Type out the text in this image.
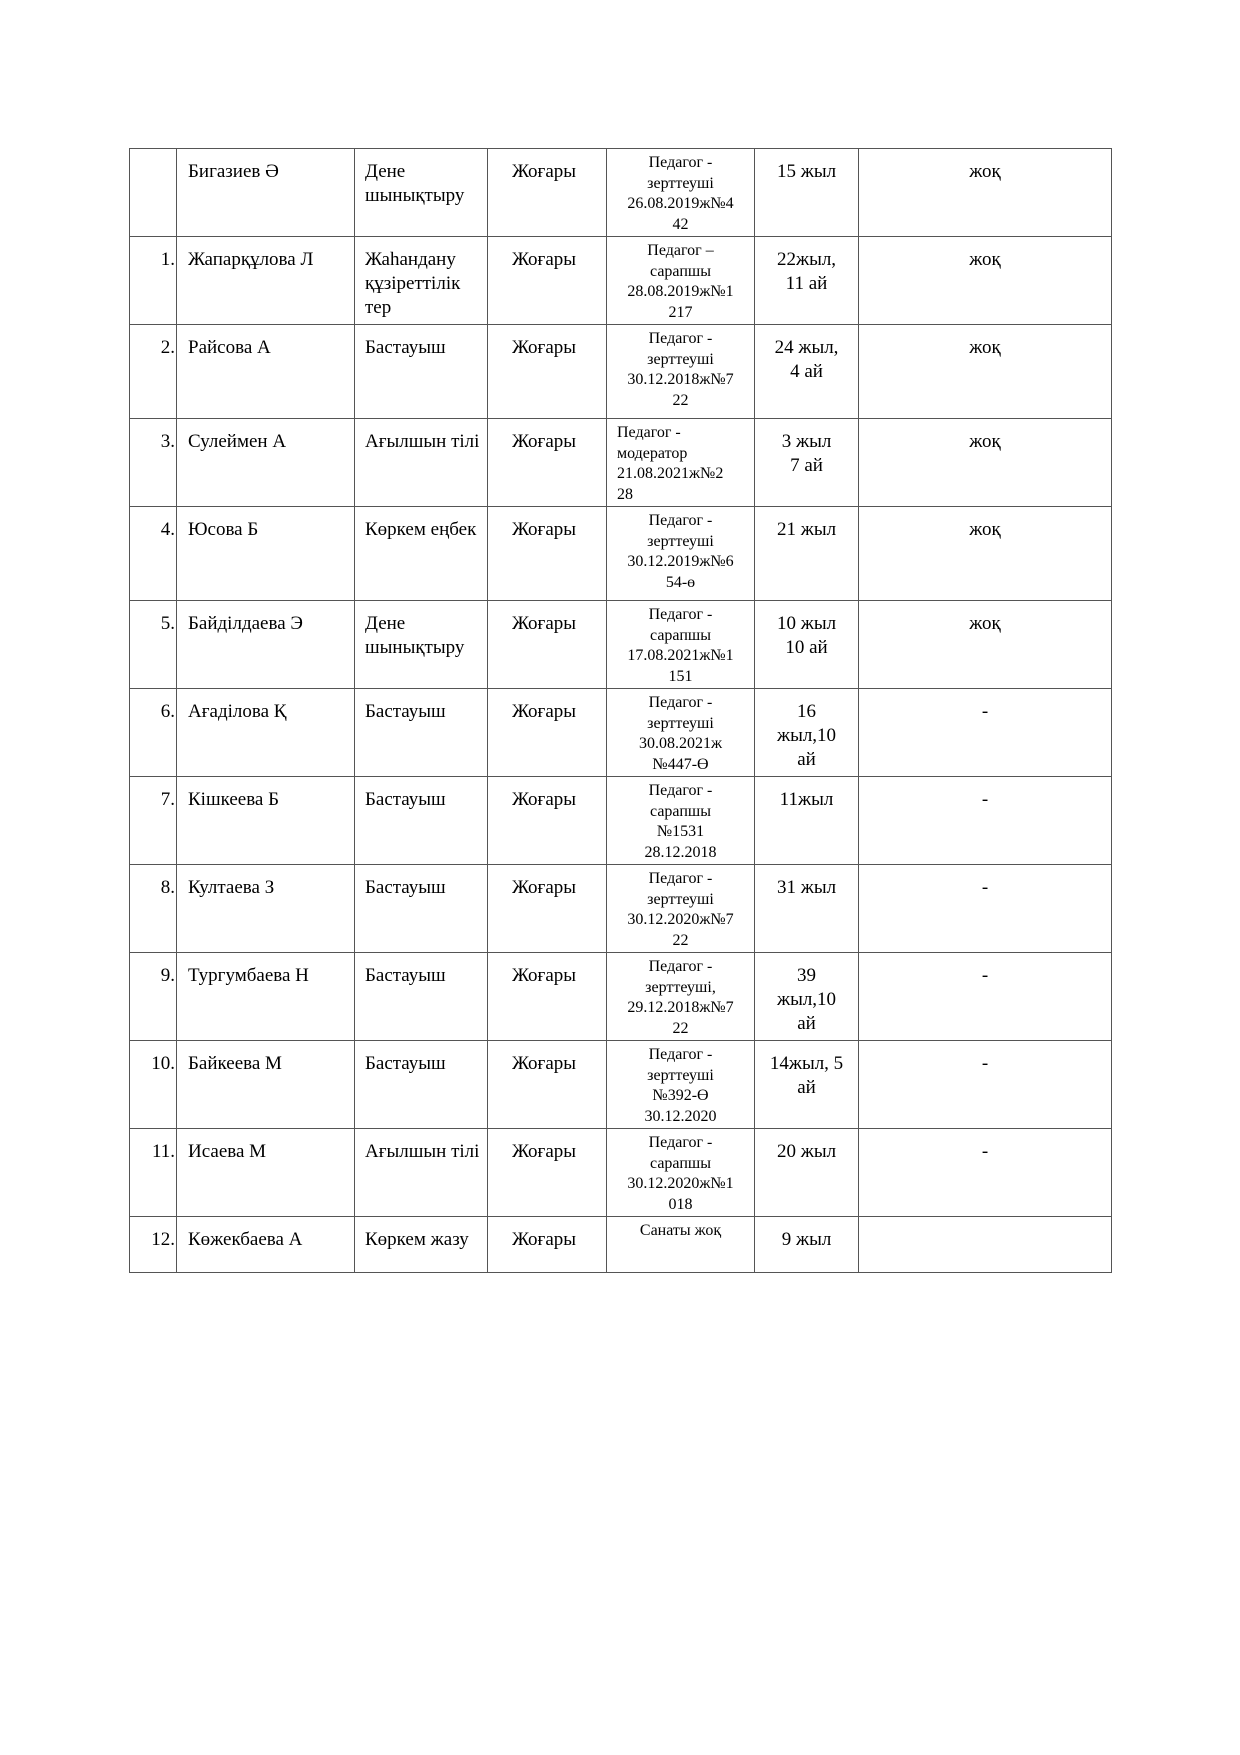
	Бигазиев Ә	Дене шынықтыру	Жоғары	Педагог -
зерттеуші
26.08.2019ж№4
42	15 жыл	жоқ

1.	Жапарқұлова Л	Жаһандану құзіреттілік тер	Жоғары	Педагог –
сарапшы
28.08.2019ж№1
217	22жыл,
11 ай	жоқ

2.	Райсова А	Бастауыш	Жоғары	Педагог -
зерттеуші
30.12.2018ж№7
22	24 жыл,
4 ай	жоқ

3.	Сулеймен А	Ағылшын тілі	Жоғары	Педагог -
модератор
21.08.2021ж№2
28	3 жыл
7 ай	жоқ

4.	Юсова Б	Көркем еңбек	Жоғары	Педагог -
зерттеуші
30.12.2019ж№6
54-ө	21 жыл	жоқ

5.	Байділдаева Э	Дене шынықтыру	Жоғары	Педагог -
сарапшы
17.08.2021ж№1
151	10 жыл
10 ай	жоқ

6.	Ағаділова Қ	Бастауыш	Жоғары	Педагог -
зерттеуші
30.08.2021ж
№447-Ө	16
жыл,10
ай	-

7.	Кішкеева Б	Бастауыш	Жоғары	Педагог -
сарапшы
№1531
28.12.2018	11жыл	-

8.	Култаева З	Бастауыш	Жоғары	Педагог -
зерттеуші
30.12.2020ж№7
22	31 жыл	-

9.	Тургумбаева Н	Бастауыш	Жоғары	Педагог -
зерттеуші,
29.12.2018ж№7
22	39
жыл,10
ай	-

10.	Байкеева М	Бастауыш	Жоғары	Педагог -
зерттеуші
№392-Ө
30.12.2020	14жыл, 5
ай	-

11.	Исаева М	Ағылшын тілі	Жоғары	Педагог -
сарапшы
30.12.2020ж№1
018	20 жыл	-

12.	Көжекбаева А	Көркем жазу	Жоғары	Санаты жоқ	9 жыл	
